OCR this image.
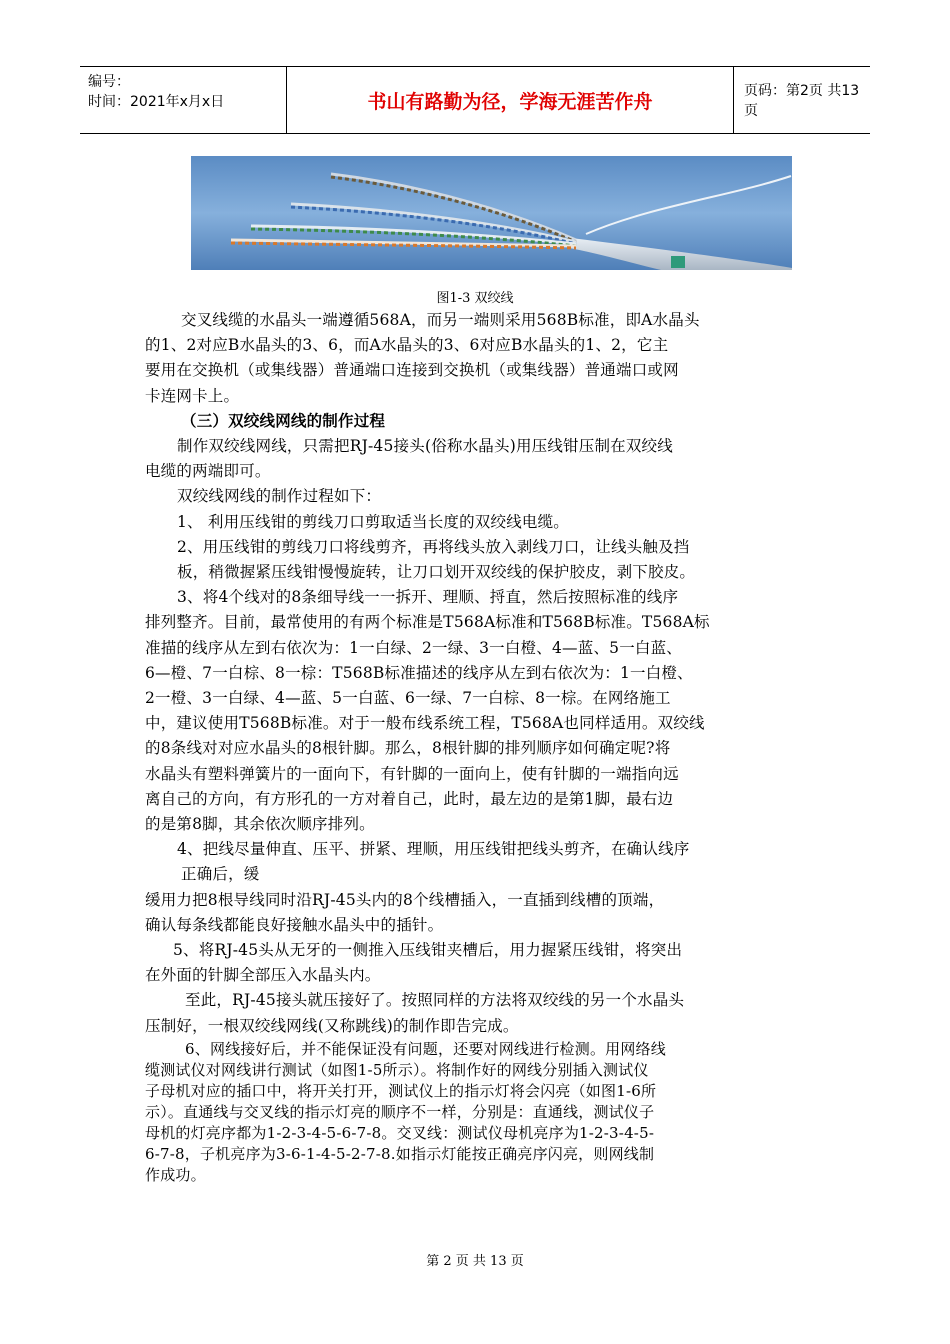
编号：
时间：2021年x月x日	书山有路勤为径，学海无涯苦作舟	页码：第2页 共13页
图1-3 双绞线
交叉线缆的水晶头一端遵循568A，而另一端则采用568B标准，即A水晶头
的1、2对应B水晶头的3、6，而A水晶头的3、6对应B水晶头的1、2，它主
要用在交换机（或集线器）普通端口连接到交换机（或集线器）普通端口或网
卡连网卡上。
（三）双绞线网线的制作过程
制作双绞线网线，只需把RJ-45接头(俗称水晶头)用压线钳压制在双绞线
电缆的两端即可。
双绞线网线的制作过程如下：
1、 利用压线钳的剪线刀口剪取适当长度的双绞线电缆。
2、用压线钳的剪线刀口将线剪齐，再将线头放入剥线刀口，让线头触及挡
板，稍微握紧压线钳慢慢旋转，让刀口划开双绞线的保护胶皮，剥下胶皮。
3、将4个线对的8条细导线一一拆开、理顺、捋直，然后按照标准的线序
排列整齐。目前，最常使用的有两个标准是T568A标准和T568B标准。T568A标
准描的线序从左到右依次为：1一白绿、2一绿、3一白橙、4—蓝、5一白蓝、
6—橙、7一白棕、8一棕：T568B标准描述的线序从左到右依次为：1一白橙、
2一橙、3一白绿、4—蓝、5一白蓝、6一绿、7一白棕、8一棕。在网络施工
中，建议使用T568B标准。对于一般布线系统工程，T568A也同样适用。双绞线
的8条线对对应水晶头的8根针脚。那么，8根针脚的排列顺序如何确定呢?将
水晶头有塑料弹簧片的一面向下，有针脚的一面向上，使有针脚的一端指向远
离自己的方向，有方形孔的一方对着自己，此时，最左边的是第1脚，最右边
的是第8脚，其余依次顺序排列。
4、把线尽量伸直、压平、拼紧、理顺，用压线钳把线头剪齐，在确认线序
正确后，缓
缓用力把8根导线同时沿RJ-45头内的8个线槽插入，一直插到线槽的顶端，
确认每条线都能良好接触水晶头中的插针。
5、将RJ-45头从无牙的一侧推入压线钳夹槽后，用力握紧压线钳，将突出
在外面的针脚全部压入水晶头内。
至此，RJ-45接头就压接好了。按照同样的方法将双绞线的另一个水晶头
压制好，一根双绞线网线(又称跳线)的制作即告完成。
6、网线接好后，并不能保证没有问题，还要对网线进行检测。用网络线
缆测试仪对网线讲行测试（如图1-5所示）。将制作好的网线分别插入测试仪
子母机对应的插口中，将开关打开，测试仪上的指示灯将会闪亮（如图1-6所
示）。直通线与交叉线的指示灯亮的顺序不一样，分别是：直通线，测试仪子
母机的灯亮序都为1-2-3-4-5-6-7-8。交叉线：测试仪母机亮序为1-2-3-4-5-
6-7-8，子机亮序为3-6-1-4-5-2-7-8.如指示灯能按正确亮序闪亮，则网线制
作成功。
第 2 页 共 13 页
